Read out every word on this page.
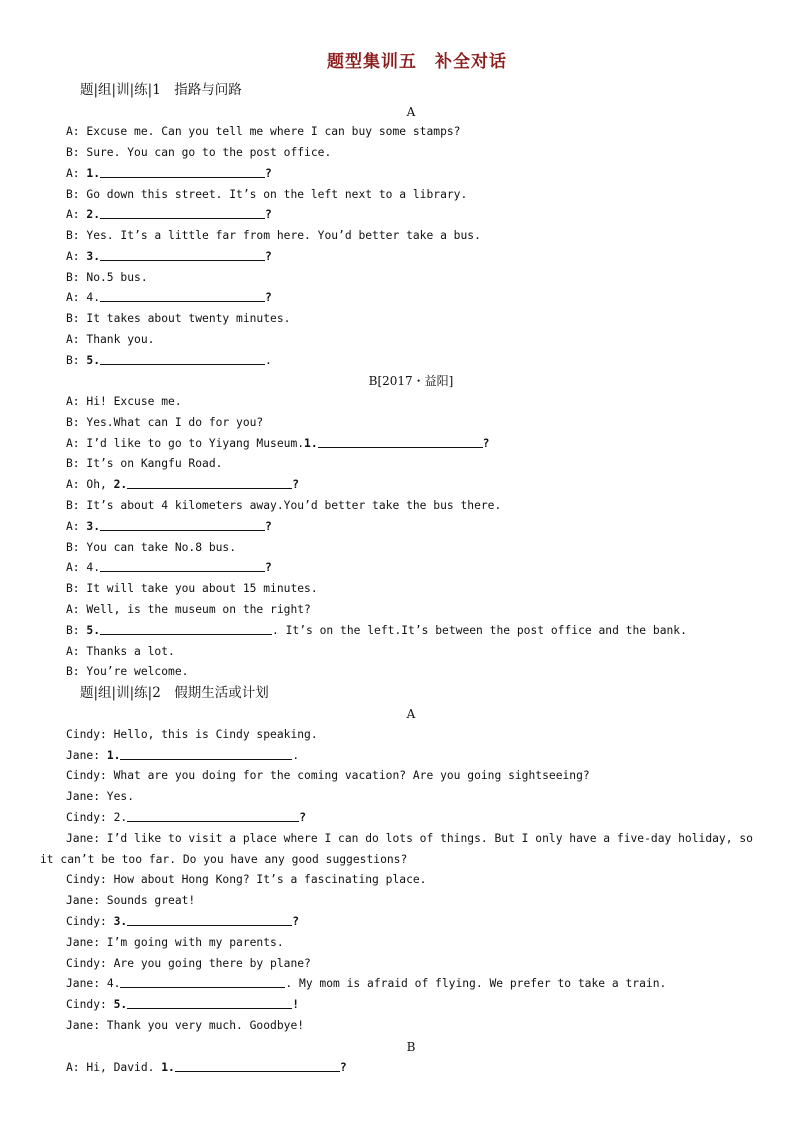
题型集训五　补全对话
题|组|训|练|1　指路与问路
A
A: Excuse me. Can you tell me where I can buy some stamps?
B: Sure. You can go to the post office.
A: 1.	?
B: Go down this street. It’s on the left next to a library.
A: 2.	?
B: Yes. It’s a little far from here. You’d better take a bus.
A: 3.	?
B: No.5 bus.
A: 4.	?
B: It takes about twenty minutes.
A: Thank you.
B: 5.	.
B[2017・益阳]
A: Hi! Excuse me.
B: Yes.What can I do for you?
A: I’d like to go to Yiyang Museum.1.	?
B: It’s on Kangfu Road.
A: Oh, 2.	?
B: It’s about 4 kilometers away.You’d better take the bus there.
A: 3.	?
B: You can take No.8 bus.
A: 4.	?
B: It will take you about 15 minutes.
A: Well, is the museum on the right?
B: 5.	. It’s on the left.It’s between the post office and the bank.
A: Thanks a lot.
B: You’re welcome.
题|组|训|练|2　假期生活或计划
A
Cindy: Hello, this is Cindy speaking.
Jane: 1.	.
Cindy: What are you doing for the coming vacation? Are you going sightseeing?
Jane: Yes.
Cindy: 2.	?
Jane: I’d like to visit a place where I can do lots of things. But I only have a five-day holiday, so
it can’t be too far. Do you have any good suggestions?
Cindy: How about Hong Kong? It’s a fascinating place.
Jane: Sounds great!
Cindy: 3.	?
Jane: I’m going with my parents.
Cindy: Are you going there by plane?
Jane: 4.	. My mom is afraid of flying. We prefer to take a train.
Cindy: 5.	!
Jane: Thank you very much. Goodbye!
B
A: Hi, David. 1.	?
